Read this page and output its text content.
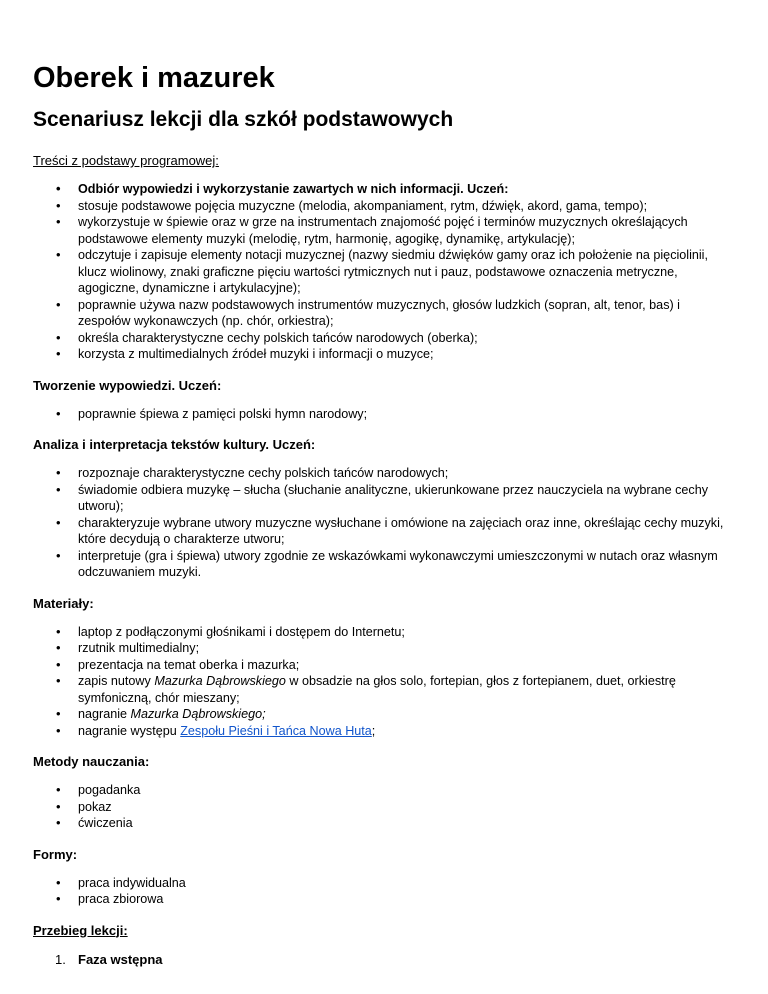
Oberek i mazurek
Scenariusz lekcji dla szkół podstawowych
Treści z podstawy programowej:
• Odbiór wypowiedzi i wykorzystanie zawartych w nich informacji. Uczeń:
• stosuje podstawowe pojęcia muzyczne (melodia, akompaniament, rytm, dźwięk, akord, gama, tempo);
• wykorzystuje w śpiewie oraz w grze na instrumentach znajomość pojęć i terminów muzycznych określających podstawowe elementy muzyki (melodię, rytm, harmonię, agogikę, dynamikę, artykulację);
• odczytuje i zapisuje elementy notacji muzycznej (nazwy siedmiu dźwięków gamy oraz ich położenie na pięciolinii, klucz wiolinowy, znaki graficzne pięciu wartości rytmicznych nut i pauz, podstawowe oznaczenia metryczne, agogiczne, dynamiczne i artykulacyjne);
• poprawnie używa nazw podstawowych instrumentów muzycznych, głosów ludzkich (sopran, alt, tenor, bas) i zespołów wykonawczych (np. chór, orkiestra);
• określa charakterystyczne cechy polskich tańców narodowych (oberka);
• korzysta z multimedialnych źródeł muzyki i informacji o muzyce;
Tworzenie wypowiedzi. Uczeń:
• poprawnie śpiewa z pamięci polski hymn narodowy;
Analiza i interpretacja tekstów kultury. Uczeń:
• rozpoznaje charakterystyczne cechy polskich tańców narodowych;
• świadomie odbiera muzykę – słucha (słuchanie analityczne, ukierunkowane przez nauczyciela na wybrane cechy utworu);
• charakteryzuje wybrane utwory muzyczne wysłuchane i omówione na zajęciach oraz inne, określając cechy muzyki, które decydują o charakterze utworu;
• interpretuje (gra i śpiewa) utwory zgodnie ze wskazówkami wykonawczymi umieszczonymi w nutach oraz własnym odczuwaniem muzyki.
Materiały:
• laptop z podłączonymi głośnikami i dostępem do Internetu;
• rzutnik multimedialny;
• prezentacja na temat oberka i mazurka;
• zapis nutowy Mazurka Dąbrowskiego w obsadzie na głos solo, fortepian, głos z fortepianem, duet, orkiestrę symfoniczną, chór mieszany;
• nagranie Mazurka Dąbrowskiego;
• nagranie występu Zespołu Pieśni i Tańca Nowa Huta;
Metody nauczania:
• pogadanka
• pokaz
• ćwiczenia
Formy:
• praca indywidualna
• praca zbiorowa
Przebieg lekcji:
1. Faza wstępna
